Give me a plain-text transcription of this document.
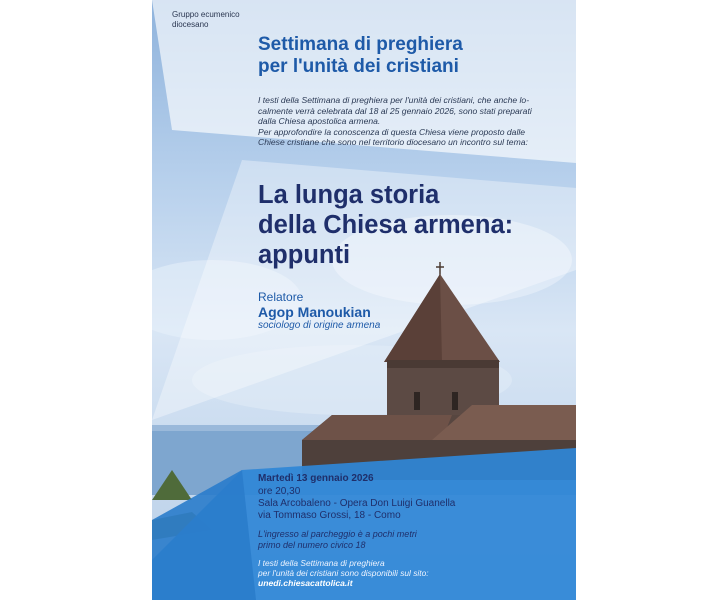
Gruppo ecumenico
diocesano
Settimana di preghiera
per l'unità dei cristiani
I testi della Settimana di preghiera per l'unità dei cristiani, che anche lo-
calmente verrà celebrata dal 18 al 25 gennaio 2026, sono stati preparati
dalla Chiesa apostolica armena.
Per approfondire la conoscenza di questa Chiesa viene proposto dalle
Chiese cristiane che sono nel territorio diocesano un incontro sul tema:
La lunga storia
della Chiesa armena:
appunti
Relatore
Agop Manoukian
sociologo di origine armena
Martedì 13 gennaio 2026
ore 20,30
Sala Arcobaleno - Opera Don Luigi Guanella
via Tommaso Grossi, 18 - Como
L'ingresso al parcheggio è a pochi metri
primo del numero civico 18
I testi della Settimana di preghiera
per l'unità dei cristiani sono disponibili sul sito:
unedi.chiesacattolica.it
